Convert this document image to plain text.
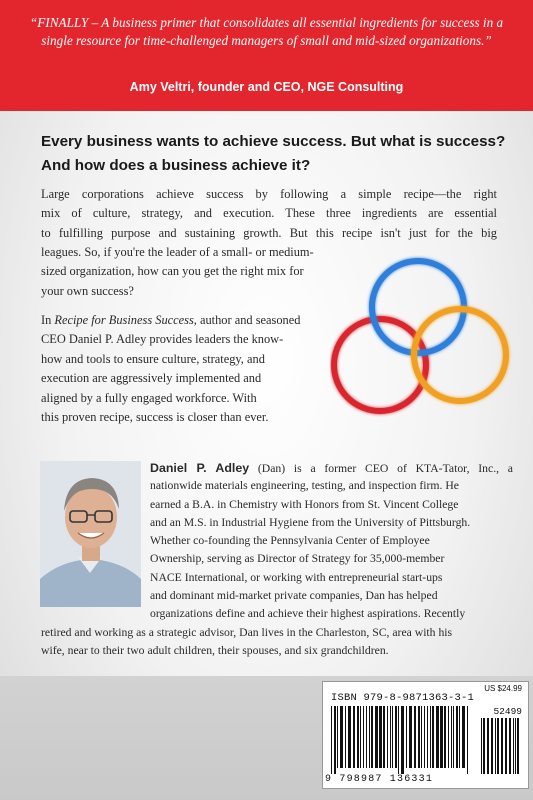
“FINALLY – A business primer that consolidates all essential ingredients for success in a single resource for time-challenged managers of small and mid-sized organizations.”
Amy Veltri, founder and CEO, NGE Consulting
Every business wants to achieve success. But what is success?
And how does a business achieve it?
Large corporations achieve success by following a simple recipe—the right
mix of culture, strategy, and execution. These three ingredients are essential
to fulfilling purpose and sustaining growth. But this recipe isn't just for the big
leagues. So, if you're the leader of a small- or medium-
sized organization, how can you get the right mix for
your own success?
In Recipe for Business Success, author and seasoned
CEO Daniel P. Adley provides leaders the know-
how and tools to ensure culture, strategy, and
execution are aggressively implemented and
aligned by a fully engaged workforce. With
this proven recipe, success is closer than ever.
Daniel P. Adley (Dan) is a former CEO of KTA-Tator, Inc., a
nationwide materials engineering, testing, and inspection firm. He
earned a B.A. in Chemistry with Honors from St. Vincent College
and an M.S. in Industrial Hygiene from the University of Pittsburgh.
Whether co-founding the Pennsylvania Center of Employee
Ownership, serving as Director of Strategy for 35,000-member
NACE International, or working with entrepreneurial start-ups
and dominant mid-market private companies, Dan has helped
organizations define and achieve their highest aspirations. Recently
retired and working as a strategic advisor, Dan lives in the Charleston, SC, area with his
wife, near to their two adult children, their spouses, and six grandchildren.
US $24.99
ISBN 979-8-9871363-3-1
52499
9 798987 136331
